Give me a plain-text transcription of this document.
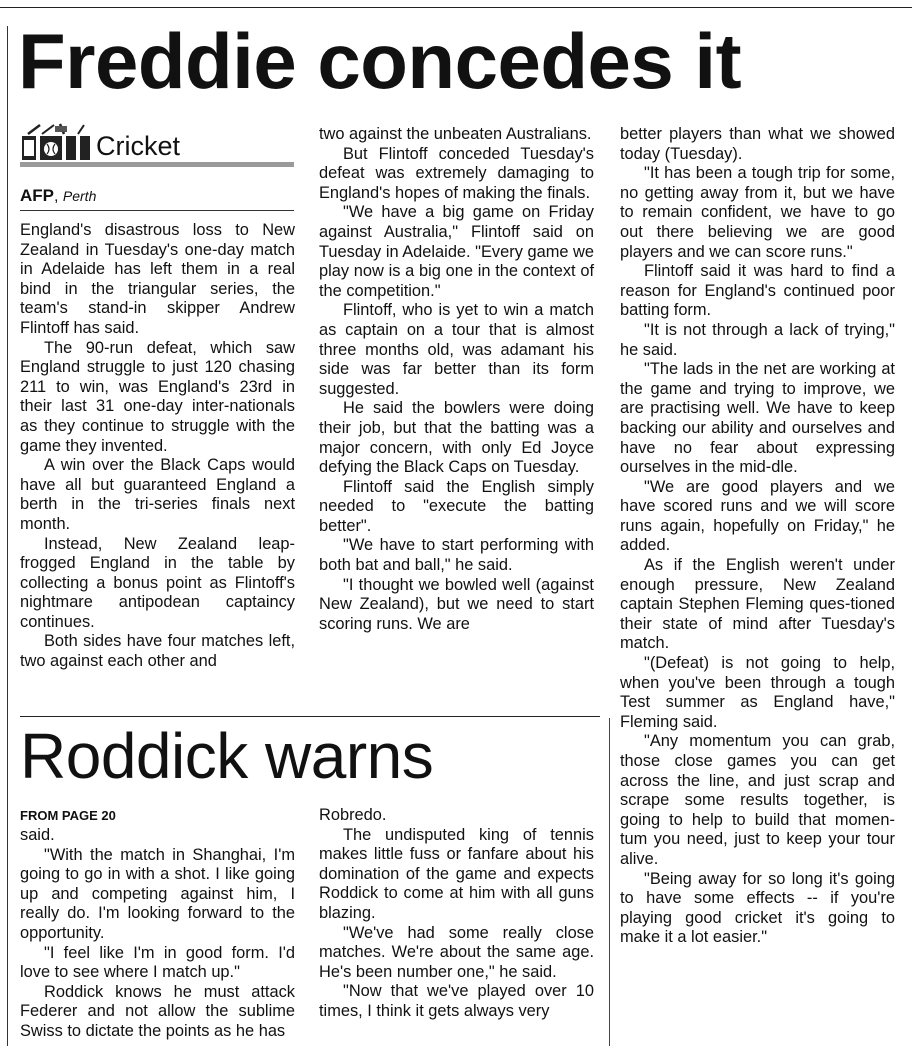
Freddie concedes it
Cricket
AFP, Perth

England's disastrous loss to New Zealand in Tuesday's one-day match in Adelaide has left them in a real bind in the triangular series, the team's stand-in skipper Andrew Flintoff has said.

The 90-run defeat, which saw England struggle to just 120 chasing 211 to win, was England's 23rd in their last 31 one-day inter-nationals as they continue to struggle with the game they invented.

A win over the Black Caps would have all but guaranteed England a berth in the tri-series finals next month.

Instead, New Zealand leap-frogged England in the table by collecting a bonus point as Flintoff's nightmare antipodean captaincy continues.

Both sides have four matches left, two against each other and

two against the unbeaten Australians.

But Flintoff conceded Tuesday's defeat was extremely damaging to England's hopes of making the finals.

"We have a big game on Friday against Australia," Flintoff said on Tuesday in Adelaide. "Every game we play now is a big one in the context of the competition."

Flintoff, who is yet to win a match as captain on a tour that is almost three months old, was adamant his side was far better than its form suggested.

He said the bowlers were doing their job, but that the batting was a major concern, with only Ed Joyce defying the Black Caps on Tuesday.

Flintoff said the English simply needed to "execute the batting better".

"We have to start performing with both bat and ball," he said.

"I thought we bowled well (against New Zealand), but we need to start scoring runs. We are

better players than what we showed today (Tuesday).

"It has been a tough trip for some, no getting away from it, but we have to remain confident, we have to go out there believing we are good players and we can score runs."

Flintoff said it was hard to find a reason for England's continued poor batting form.

"It is not through a lack of trying," he said.

"The lads in the net are working at the game and trying to improve, we are practising well. We have to keep backing our ability and ourselves and have no fear about expressing ourselves in the mid-dle.

"We are good players and we have scored runs and we will score runs again, hopefully on Friday," he added.

As if the English weren't under enough pressure, New Zealand captain Stephen Fleming ques-tioned their state of mind after Tuesday's match.

"(Defeat) is not going to help, when you've been through a tough Test summer as England have," Fleming said.

"Any momentum you can grab, those close games you can get across the line, and just scrap and scrape some results together, is going to help to build that momen-tum you need, just to keep your tour alive.

"Being away for so long it's going to have some effects -- if you're playing good cricket it's going to make it a lot easier."

Roddick warns
FROM PAGE 20

said.

"With the match in Shanghai, I'm going to go in with a shot. I like going up and competing against him, I really do. I'm looking forward to the opportunity.

"I feel like I'm in good form. I'd love to see where I match up."

Roddick knows he must attack Federer and not allow the sublime Swiss to dictate the points as he has

Robredo.

The undisputed king of tennis makes little fuss or fanfare about his domination of the game and expects Roddick to come at him with all guns blazing.

"We've had some really close matches. We're about the same age. He's been number one," he said.

"Now that we've played over 10 times, I think it gets always very
